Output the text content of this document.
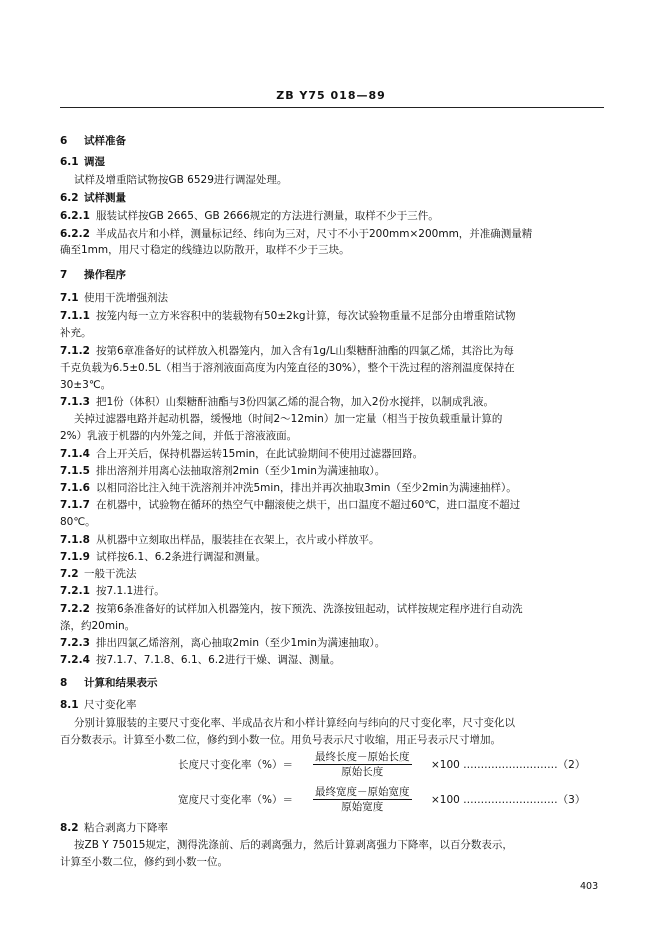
ZB Y75 018—89
6 试样准备
6.1 调湿
试样及增重陪试物按GB 6529进行调湿处理。
6.2 试样测量
6.2.1 服装试样按GB 2665、GB 2666规定的方法进行测量，取样不少于三件。
6.2.2 半成品衣片和小样，测量标记经、纬向为三对，尺寸不小于200mm×200mm，并准确测量精
确至1mm，用尺寸稳定的线缝边以防散开，取样不少于三块。
7 操作程序
7.1 使用干洗增强剂法
7.1.1 按笼内每一立方米容积中的装载物有50±2kg计算，每次试验物重量不足部分由增重陪试物
补充。
7.1.2 按第6章准备好的试样放入机器笼内，加入含有1g/L山梨糖酐油酯的四氯乙烯，其浴比为每
千克负载为6.5±0.5L（相当于溶剂液面高度为内笼直径的30%），整个干洗过程的溶剂温度保持在
30±3℃。
7.1.3 把1份（体积）山梨糖酐油酯与3份四氯乙烯的混合物，加入2份水搅拌，以制成乳液。
关掉过滤器电路并起动机器，缓慢地（时间2～12min）加一定量（相当于按负载重量计算的
2%）乳液于机器的内外笼之间，并低于溶液液面。
7.1.4 合上开关后，保持机器运转15min，在此试验期间不使用过滤器回路。
7.1.5 排出溶剂并用离心法抽取溶剂2min（至少1min为满速抽取）。
7.1.6 以相同浴比注入纯干洗溶剂并冲洗5min，排出并再次抽取3min（至少2min为满速抽样）。
7.1.7 在机器中，试验物在循环的热空气中翻滚使之烘干，出口温度不超过60℃，进口温度不超过
80℃。
7.1.8 从机器中立刻取出样品，服装挂在衣架上，衣片或小样放平。
7.1.9 试样按6.1、6.2条进行调湿和测量。
7.2 一般干洗法
7.2.1 按7.1.1进行。
7.2.2 按第6条准备好的试样加入机器笼内，按下预洗、洗涤按钮起动，试样按规定程序进行自动洗
涤，约20min。
7.2.3 排出四氯乙烯溶剂，离心抽取2min（至少1min为满速抽取）。
7.2.4 按7.1.7、7.1.8、6.1、6.2进行干燥、调湿、测量。
8 计算和结果表示
8.1 尺寸变化率
分别计算服装的主要尺寸变化率、半成品衣片和小样计算经向与纬向的尺寸变化率，尺寸变化以
百分数表示。计算至小数二位，修约到小数一位。用负号表示尺寸收缩，用正号表示尺寸增加。
长度尺寸变化率（%）＝
最终长度－原始长度
原始长度
×100 ………………………（2）
宽度尺寸变化率（%）＝
最终宽度－原始宽度
原始宽度
×100 ………………………（3）
8.2 粘合剥离力下降率
按ZB Y 75015规定，测得洗涤前、后的剥离强力，然后计算剥离强力下降率，以百分数表示，
计算至小数二位，修约到小数一位。
403
